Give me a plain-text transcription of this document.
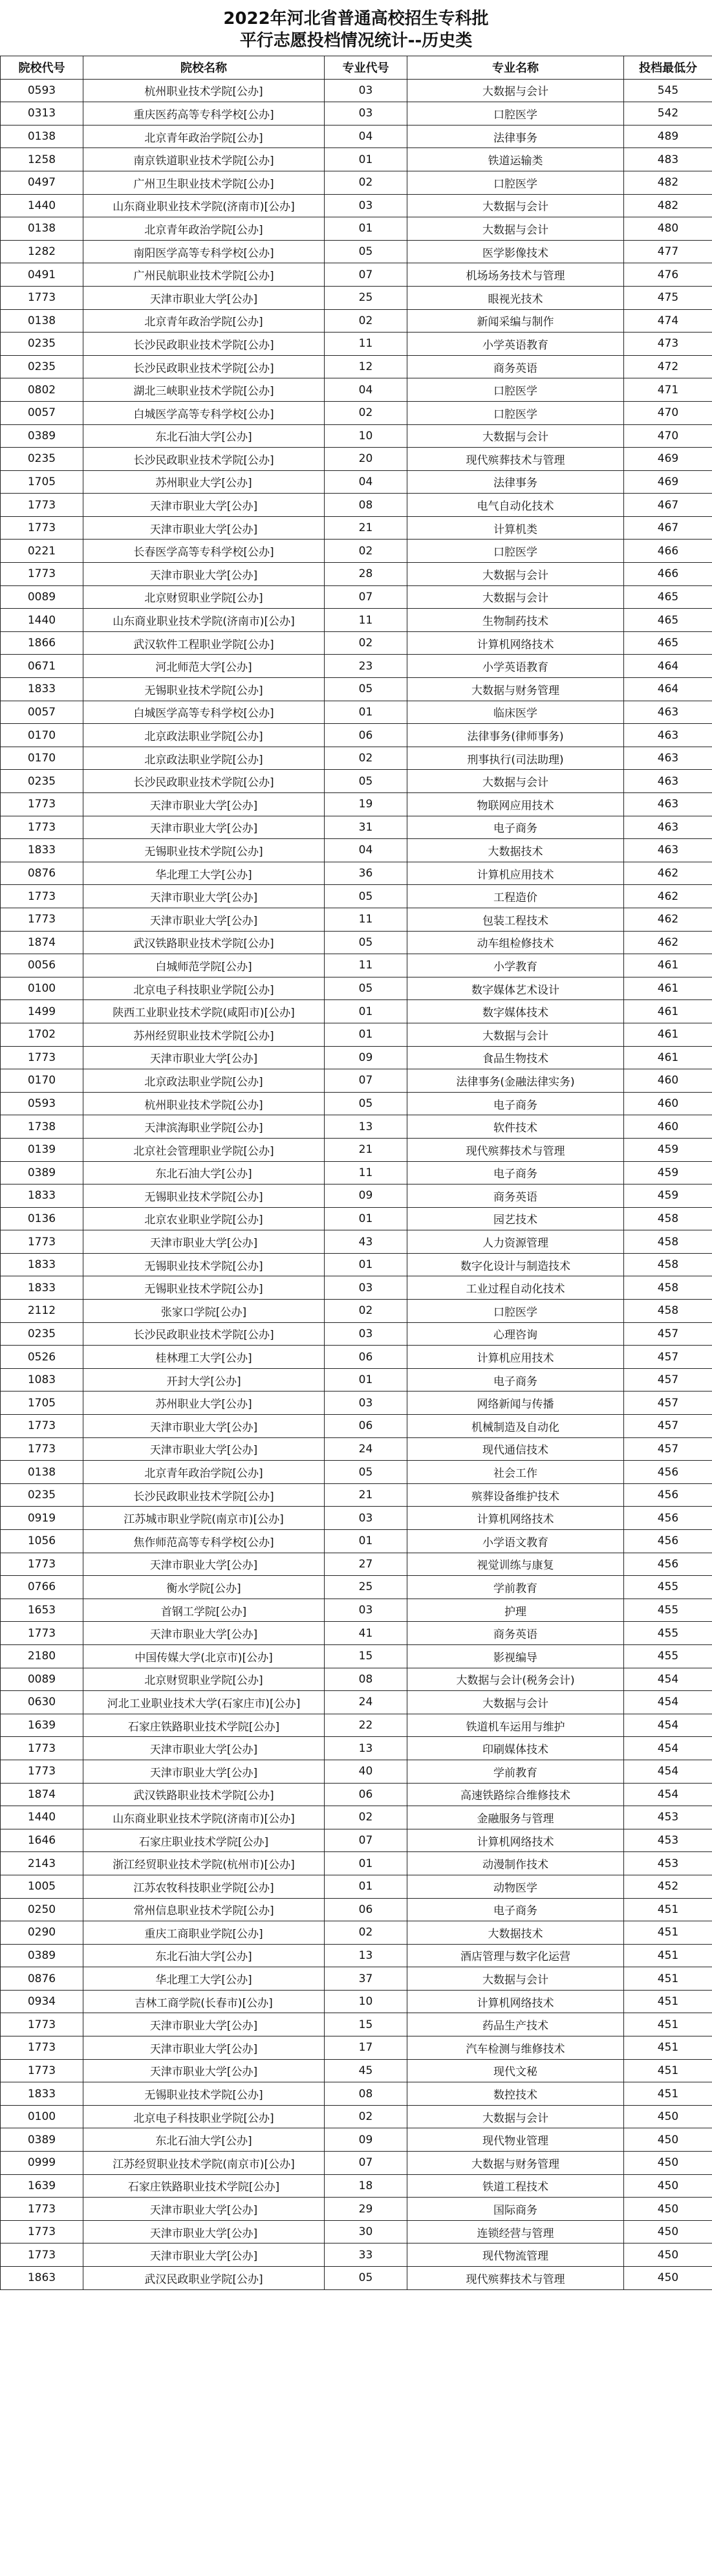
2022年河北省普通高校招生专科批
平行志愿投档情况统计--历史类
院校代号	院校名称	专业代号	专业名称	投档最低分
0593	杭州职业技术学院[公办]	03	大数据与会计	545
0313	重庆医药高等专科学校[公办]	03	口腔医学	542
0138	北京青年政治学院[公办]	04	法律事务	489
1258	南京铁道职业技术学院[公办]	01	铁道运输类	483
0497	广州卫生职业技术学院[公办]	02	口腔医学	482
1440	山东商业职业技术学院(济南市)[公办]	03	大数据与会计	482
0138	北京青年政治学院[公办]	01	大数据与会计	480
1282	南阳医学高等专科学校[公办]	05	医学影像技术	477
0491	广州民航职业技术学院[公办]	07	机场场务技术与管理	476
1773	天津市职业大学[公办]	25	眼视光技术	475
0138	北京青年政治学院[公办]	02	新闻采编与制作	474
0235	长沙民政职业技术学院[公办]	11	小学英语教育	473
0235	长沙民政职业技术学院[公办]	12	商务英语	472
0802	湖北三峡职业技术学院[公办]	04	口腔医学	471
0057	白城医学高等专科学校[公办]	02	口腔医学	470
0389	东北石油大学[公办]	10	大数据与会计	470
0235	长沙民政职业技术学院[公办]	20	现代殡葬技术与管理	469
1705	苏州职业大学[公办]	04	法律事务	469
1773	天津市职业大学[公办]	08	电气自动化技术	467
1773	天津市职业大学[公办]	21	计算机类	467
0221	长春医学高等专科学校[公办]	02	口腔医学	466
1773	天津市职业大学[公办]	28	大数据与会计	466
0089	北京财贸职业学院[公办]	07	大数据与会计	465
1440	山东商业职业技术学院(济南市)[公办]	11	生物制药技术	465
1866	武汉软件工程职业学院[公办]	02	计算机网络技术	465
0671	河北师范大学[公办]	23	小学英语教育	464
1833	无锡职业技术学院[公办]	05	大数据与财务管理	464
0057	白城医学高等专科学校[公办]	01	临床医学	463
0170	北京政法职业学院[公办]	06	法律事务(律师事务)	463
0170	北京政法职业学院[公办]	02	刑事执行(司法助理)	463
0235	长沙民政职业技术学院[公办]	05	大数据与会计	463
1773	天津市职业大学[公办]	19	物联网应用技术	463
1773	天津市职业大学[公办]	31	电子商务	463
1833	无锡职业技术学院[公办]	04	大数据技术	463
0876	华北理工大学[公办]	36	计算机应用技术	462
1773	天津市职业大学[公办]	05	工程造价	462
1773	天津市职业大学[公办]	11	包装工程技术	462
1874	武汉铁路职业技术学院[公办]	05	动车组检修技术	462
0056	白城师范学院[公办]	11	小学教育	461
0100	北京电子科技职业学院[公办]	05	数字媒体艺术设计	461
1499	陕西工业职业技术学院(咸阳市)[公办]	01	数字媒体技术	461
1702	苏州经贸职业技术学院[公办]	01	大数据与会计	461
1773	天津市职业大学[公办]	09	食品生物技术	461
0170	北京政法职业学院[公办]	07	法律事务(金融法律实务)	460
0593	杭州职业技术学院[公办]	05	电子商务	460
1738	天津滨海职业学院[公办]	13	软件技术	460
0139	北京社会管理职业学院[公办]	21	现代殡葬技术与管理	459
0389	东北石油大学[公办]	11	电子商务	459
1833	无锡职业技术学院[公办]	09	商务英语	459
0136	北京农业职业学院[公办]	01	园艺技术	458
1773	天津市职业大学[公办]	43	人力资源管理	458
1833	无锡职业技术学院[公办]	01	数字化设计与制造技术	458
1833	无锡职业技术学院[公办]	03	工业过程自动化技术	458
2112	张家口学院[公办]	02	口腔医学	458
0235	长沙民政职业技术学院[公办]	03	心理咨询	457
0526	桂林理工大学[公办]	06	计算机应用技术	457
1083	开封大学[公办]	01	电子商务	457
1705	苏州职业大学[公办]	03	网络新闻与传播	457
1773	天津市职业大学[公办]	06	机械制造及自动化	457
1773	天津市职业大学[公办]	24	现代通信技术	457
0138	北京青年政治学院[公办]	05	社会工作	456
0235	长沙民政职业技术学院[公办]	21	殡葬设备维护技术	456
0919	江苏城市职业学院(南京市)[公办]	03	计算机网络技术	456
1056	焦作师范高等专科学校[公办]	01	小学语文教育	456
1773	天津市职业大学[公办]	27	视觉训练与康复	456
0766	衡水学院[公办]	25	学前教育	455
1653	首钢工学院[公办]	03	护理	455
1773	天津市职业大学[公办]	41	商务英语	455
2180	中国传媒大学(北京市)[公办]	15	影视编导	455
0089	北京财贸职业学院[公办]	08	大数据与会计(税务会计)	454
0630	河北工业职业技术大学(石家庄市)[公办]	24	大数据与会计	454
1639	石家庄铁路职业技术学院[公办]	22	铁道机车运用与维护	454
1773	天津市职业大学[公办]	13	印刷媒体技术	454
1773	天津市职业大学[公办]	40	学前教育	454
1874	武汉铁路职业技术学院[公办]	06	高速铁路综合维修技术	454
1440	山东商业职业技术学院(济南市)[公办]	02	金融服务与管理	453
1646	石家庄职业技术学院[公办]	07	计算机网络技术	453
2143	浙江经贸职业技术学院(杭州市)[公办]	01	动漫制作技术	453
1005	江苏农牧科技职业学院[公办]	01	动物医学	452
0250	常州信息职业技术学院[公办]	06	电子商务	451
0290	重庆工商职业学院[公办]	02	大数据技术	451
0389	东北石油大学[公办]	13	酒店管理与数字化运营	451
0876	华北理工大学[公办]	37	大数据与会计	451
0934	吉林工商学院(长春市)[公办]	10	计算机网络技术	451
1773	天津市职业大学[公办]	15	药品生产技术	451
1773	天津市职业大学[公办]	17	汽车检测与维修技术	451
1773	天津市职业大学[公办]	45	现代文秘	451
1833	无锡职业技术学院[公办]	08	数控技术	451
0100	北京电子科技职业学院[公办]	02	大数据与会计	450
0389	东北石油大学[公办]	09	现代物业管理	450
0999	江苏经贸职业技术学院(南京市)[公办]	07	大数据与财务管理	450
1639	石家庄铁路职业技术学院[公办]	18	铁道工程技术	450
1773	天津市职业大学[公办]	29	国际商务	450
1773	天津市职业大学[公办]	30	连锁经营与管理	450
1773	天津市职业大学[公办]	33	现代物流管理	450
1863	武汉民政职业学院[公办]	05	现代殡葬技术与管理	450
